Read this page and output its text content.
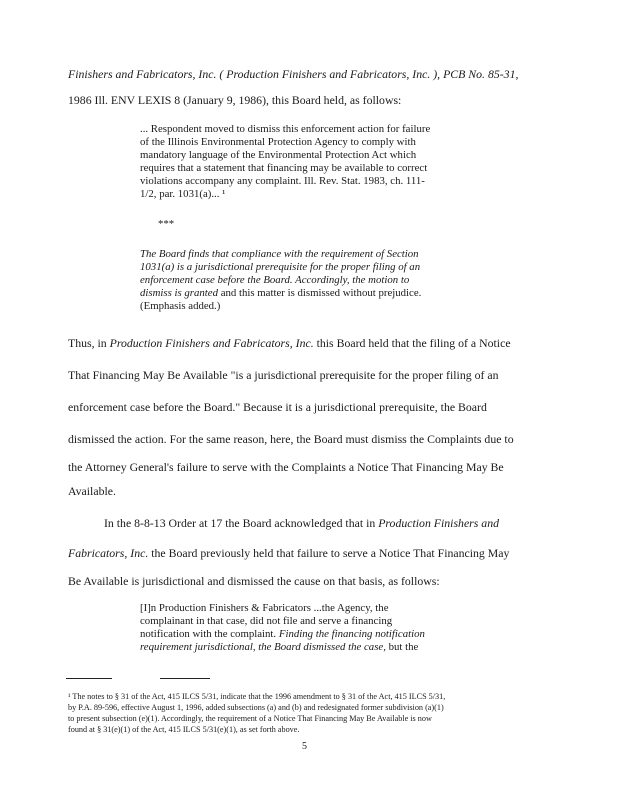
Finishers and Fabricators, Inc. ( Production Finishers and Fabricators, Inc. ), PCB No. 85-31,
1986 Ill. ENV LEXIS 8 (January 9, 1986), this Board held, as follows:
... Respondent moved to dismiss this enforcement action for failure
of the Illinois Environmental Protection Agency to comply with
mandatory language of the Environmental Protection Act which
requires that a statement that financing may be available to correct
violations accompany any complaint. Ill. Rev. Stat. 1983, ch. 111-
1/2, par. 1031(a)... ¹
***
The Board finds that compliance with the requirement of Section
1031(a) is a jurisdictional prerequisite for the proper filing of an
enforcement case before the Board. Accordingly, the motion to
dismiss is granted and this matter is dismissed without prejudice.
(Emphasis added.)
Thus, in Production Finishers and Fabricators, Inc. this Board held that the filing of a Notice
That Financing May Be Available "is a jurisdictional prerequisite for the proper filing of an
enforcement case before the Board." Because it is a jurisdictional prerequisite, the Board
dismissed the action. For the same reason, here, the Board must dismiss the Complaints due to
the Attorney General's failure to serve with the Complaints a Notice That Financing May Be
Available.
In the 8-8-13 Order at 17 the Board acknowledged that in Production Finishers and
Fabricators, Inc. the Board previously held that failure to serve a Notice That Financing May
Be Available is jurisdictional and dismissed the cause on that basis, as follows:
[I]n Production Finishers & Fabricators ...the Agency, the
complainant in that case, did not file and serve a financing
notification with the complaint. Finding the financing notification
requirement jurisdictional, the Board dismissed the case, but the
¹ The notes to § 31 of the Act, 415 ILCS 5/31, indicate that the 1996 amendment to § 31 of the Act, 415 ILCS 5/31,
by P.A. 89-596, effective August 1, 1996, added subsections (a) and (b) and redesignated former subdivision (a)(1)
to present subsection (e)(1). Accordingly, the requirement of a Notice That Financing May Be Available is now
found at § 31(e)(1) of the Act, 415 ILCS 5/31(e)(1), as set forth above.
5
